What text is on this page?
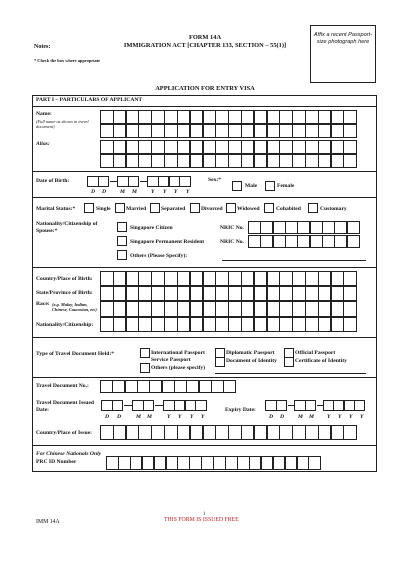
FORM 14A
IMMIGRATION ACT [CHAPTER 133, SECTION – 55(1)]
Notes:
* Check the box where appropriate
Affix a recent Passport-size photograph here
APPLICATION FOR ENTRY VISA
PART I – PARTICULARS OF APPLICANT
Name:
(Full name as shown in travel document)
Alias:
Date of Birth:
D D M M	Y Y Y Y
Sex:*
Male	Female
Marital Status:*	Single	Married	Separated	Divorced	Widowed	Cohabited	Customary
Nationality/Citizenship of Spouse:*	Singapore Citizen	NRIC No.
Singapore Permanent Resident	NRIC No.
Others (Please Specify):
Country/Place of Birth:
State/Province of Birth:
Race: (e.g. Malay, Indian, Chinese, Caucasian, etc)
Nationality/Citizenship:
Type of Travel Document Held:*	International Passport	Diplomatic Passport	Official Passport
Service Passport	Document of Identity	Certificate of Identity
Others (please specify)
Travel Document No.:
Travel Document Issued Date:
D D	M M	Y Y Y Y
Expiry Date:
D D M M Y Y Y Y
Country/Place of Issue:
For Chinese Nationals Only
PRC ID Number
1
THIS FORM IS ISSUED FREE
IMM 14A
